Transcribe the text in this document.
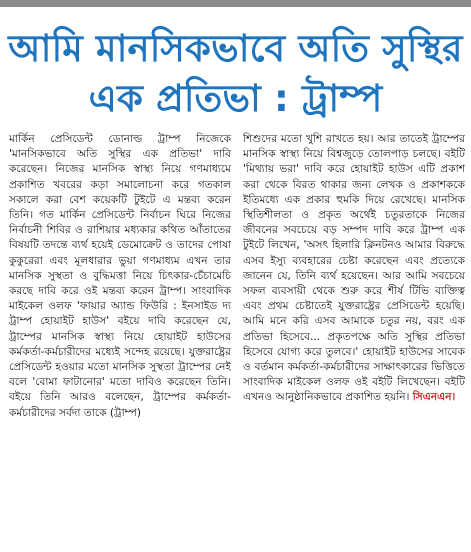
আমি মানসিকভাবে অতি সুস্থির
এক প্রতিভা : ট্রাম্প

মার্কিন প্রেসিডেন্ট ডোনাল্ড ট্রাম্প নিজেকে 'মানসিকভাবে অতি সুস্থির এক প্রতিভা' দাবি করেছেন। নিজের মানসিক স্বাস্থ্য নিয়ে গণমাধ্যমে প্রকাশিত খবরের কড়া সমালোচনা করে গতকাল সকালে করা বেশ কয়েকটি টুইটে এ মন্তব্য করেন তিনি। গত মার্কিন প্রেসিডেন্ট নির্বাচন ঘিরে নিজের নির্বাচনী শিবির ও রাশিয়ার মধ্যকার কথিত আঁতাতের বিষয়টি তদন্তে ব্যর্থ হয়েই ডেমোক্রেট ও তাদের পোষা কুকুরেরা এবং মূলধারার ভুয়া গণমাধ্যম এখন তার মানসিক সুস্থতা ও বুদ্ধিমত্তা নিয়ে চিৎকার-চেঁচামেচি করছে দাবি করে ওই মন্তব্য করেন ট্রাম্প। সাংবাদিক মাইকেল ওলফ 'ফায়ার অ্যান্ড ফিউরি : ইনসাইড দ্য ট্রাম্প হোয়াইট হাউস' বইয়ে দাবি করেছেন যে, ট্রাম্পের মানসিক স্বাস্থ্য নিয়ে হোয়াইট হাউসের কর্মকর্তা-কর্মচারীদের মধ্যেই সন্দেহ রয়েছে। যুক্তরাষ্ট্রের প্রেসিডেন্ট হওয়ার মতো মানসিক সুস্থতা ট্রাম্পের নেই বলে 'বোমা ফাটানোর' মতো দাবিও করেছেন তিনি। বইয়ে তিনি আরও বলেছেন, ট্রাম্পের কর্মকর্তা-কর্মচারীদের সর্বদা তাকে (ট্রাম্প)

শিশুদের মতো খুশি রাখতে হয়। আর তাতেই ট্রাম্পের মানসিক স্বাস্থ্য নিয়ে বিশ্বজুড়ে তোলপাড় চলছে। বইটি 'মিথ্যায় ভরা' দাবি করে হোয়াইট হাউস এটি প্রকাশ করা থেকে বিরত থাকার জন্য লেখক ও প্রকাশককে ইতিমধ্যে এক প্রকার হুমকি দিয়ে রেখেছে। মানসিক স্থিতিশীলতা ও প্রকৃত অর্থেই চতুরতাকে নিজের জীবনের সবচেয়ে বড় সম্পদ দাবি করে ট্রাম্প এক টুইটে লিখেন, 'অসৎ হিলারি ক্লিনটনও আমার বিরুদ্ধে এসব ইস্যু ব্যবহারের চেষ্টা করেছেন এবং প্রত্যেকে জানেন যে, তিনি ব্যর্থ হয়েছেন। আর আমি সবচেয়ে সফল ব্যবসায়ী থেকে শুরু করে শীর্ষ টিভি ব্যক্তিত্ব এবং প্রথম চেষ্টাতেই যুক্তরাষ্ট্রের প্রেসিডেন্ট হয়েছি। আমি মনে করি এসব আমাকে চতুর নয়, বরং এক প্রতিভা হিসেবে... প্রকৃতপক্ষে অতি সুস্থির প্রতিভা হিসেবে যোগ্য করে তুলবে।' হোয়াইট হাউসের সাবেক ও বর্তমান কর্মকর্তা-কর্মচারীদের সাক্ষাৎকারের ভিত্তিতে সাংবাদিক মাইকেল ওলফ ওই বইটি লিখেছেন। বইটি এখনও আনুষ্ঠানিকভাবে প্রকাশিত হয়নি। সিএনএন।
